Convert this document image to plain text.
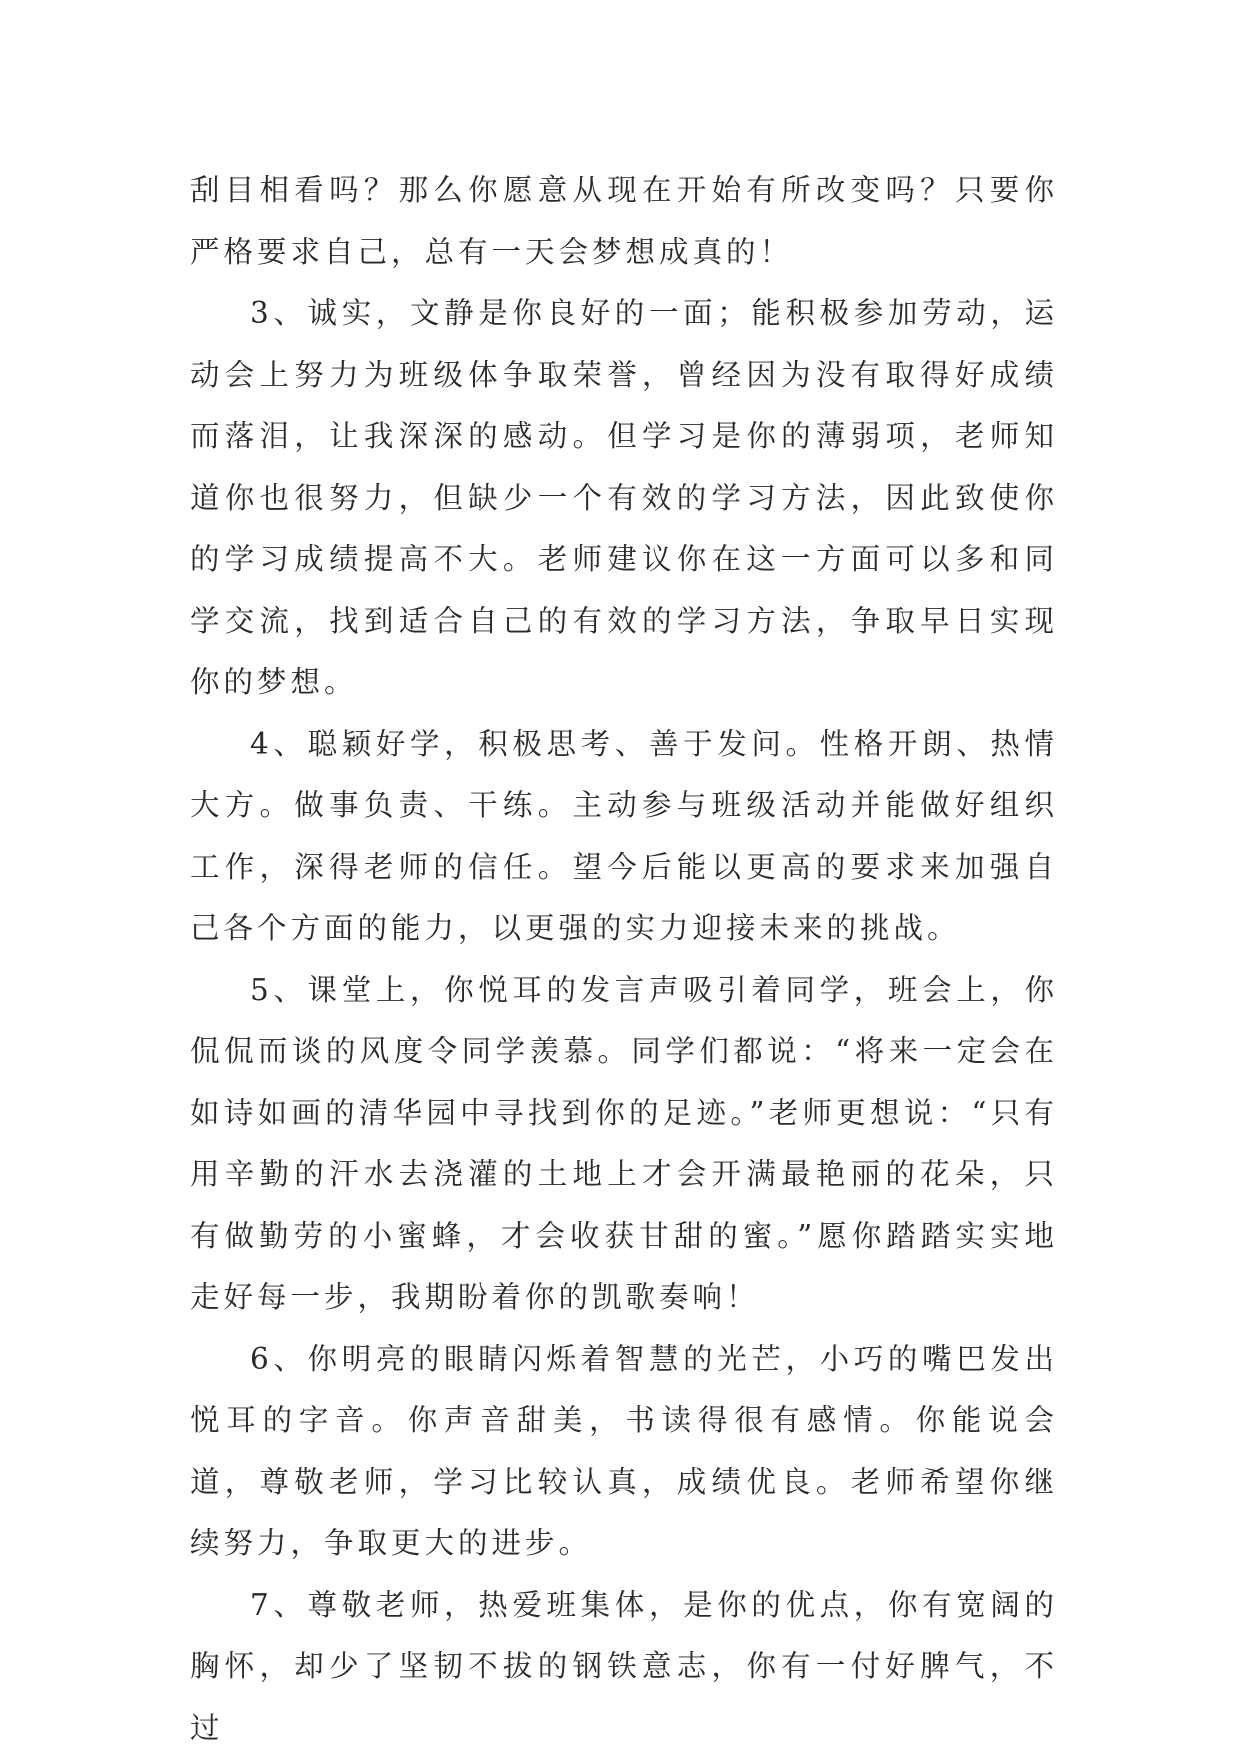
刮目相看吗？那么你愿意从现在开始有所改变吗？只要你严格要求自己，总有一天会梦想成真的！

3、诚实，文静是你良好的一面；能积极参加劳动，运动会上努力为班级体争取荣誉，曾经因为没有取得好成绩而落泪，让我深深的感动。但学习是你的薄弱项，老师知道你也很努力，但缺少一个有效的学习方法，因此致使你的学习成绩提高不大。老师建议你在这一方面可以多和同学交流，找到适合自己的有效的学习方法，争取早日实现你的梦想。

4、聪颖好学，积极思考、善于发问。性格开朗、热情大方。做事负责、干练。主动参与班级活动并能做好组织工作，深得老师的信任。望今后能以更高的要求来加强自己各个方面的能力，以更强的实力迎接未来的挑战。

5、课堂上，你悦耳的发言声吸引着同学，班会上，你侃侃而谈的风度令同学羡慕。同学们都说：“将来一定会在如诗如画的清华园中寻找到你的足迹。”老师更想说：“只有用辛勤的汗水去浇灌的土地上才会开满最艳丽的花朵，只有做勤劳的小蜜蜂，才会收获甘甜的蜜。”愿你踏踏实实地走好每一步，我期盼着你的凯歌奏响！

6、你明亮的眼睛闪烁着智慧的光芒，小巧的嘴巴发出悦耳的字音。你声音甜美，书读得很有感情。你能说会道，尊敬老师，学习比较认真，成绩优良。老师希望你继续努力，争取更大的进步。

7、尊敬老师，热爱班集体，是你的优点，你有宽阔的胸怀，却少了坚韧不拔的钢铁意志，你有一付好脾气，不过
